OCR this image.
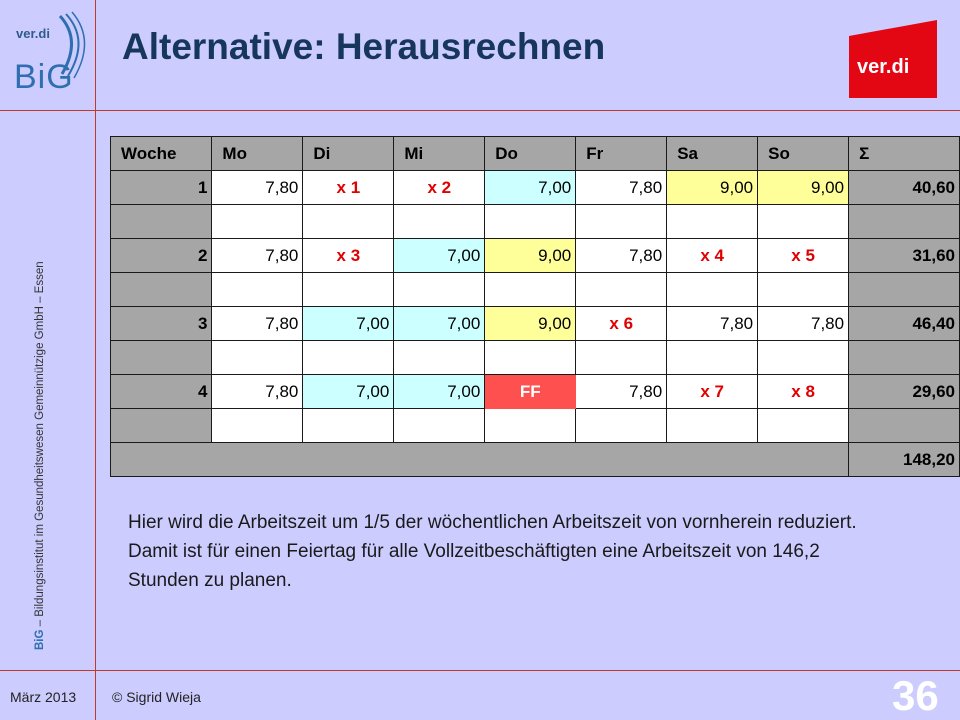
ver.di
BiG
BiG – Bildungsinstitut im Gesundheitswesen Gemeinnützige GmbH – Essen
Alternative: Herausrechnen	ver.di
Woche	Mo	Di	Mi	Do	Fr	Sa	So	Σ
1	7,80	x 1	x 2	7,00	7,80	9,00	9,00	40,60

2	7,80	x 3	7,00	9,00	7,80	x 4	x 5	31,60

3	7,80	7,00	7,00	9,00	x 6	7,80	7,80	46,40

4	7,80	7,00	7,00	FF	7,80	x 7	x 8	29,60

								148,20
Hier wird die Arbeitszeit um 1/5 der wöchentlichen Arbeitszeit von vornherein reduziert. Damit ist für einen Feiertag für alle Vollzeitbeschäftigten eine Arbeitszeit von 146,2 Stunden zu planen.
März 2013	© Sigrid Wieja	36
